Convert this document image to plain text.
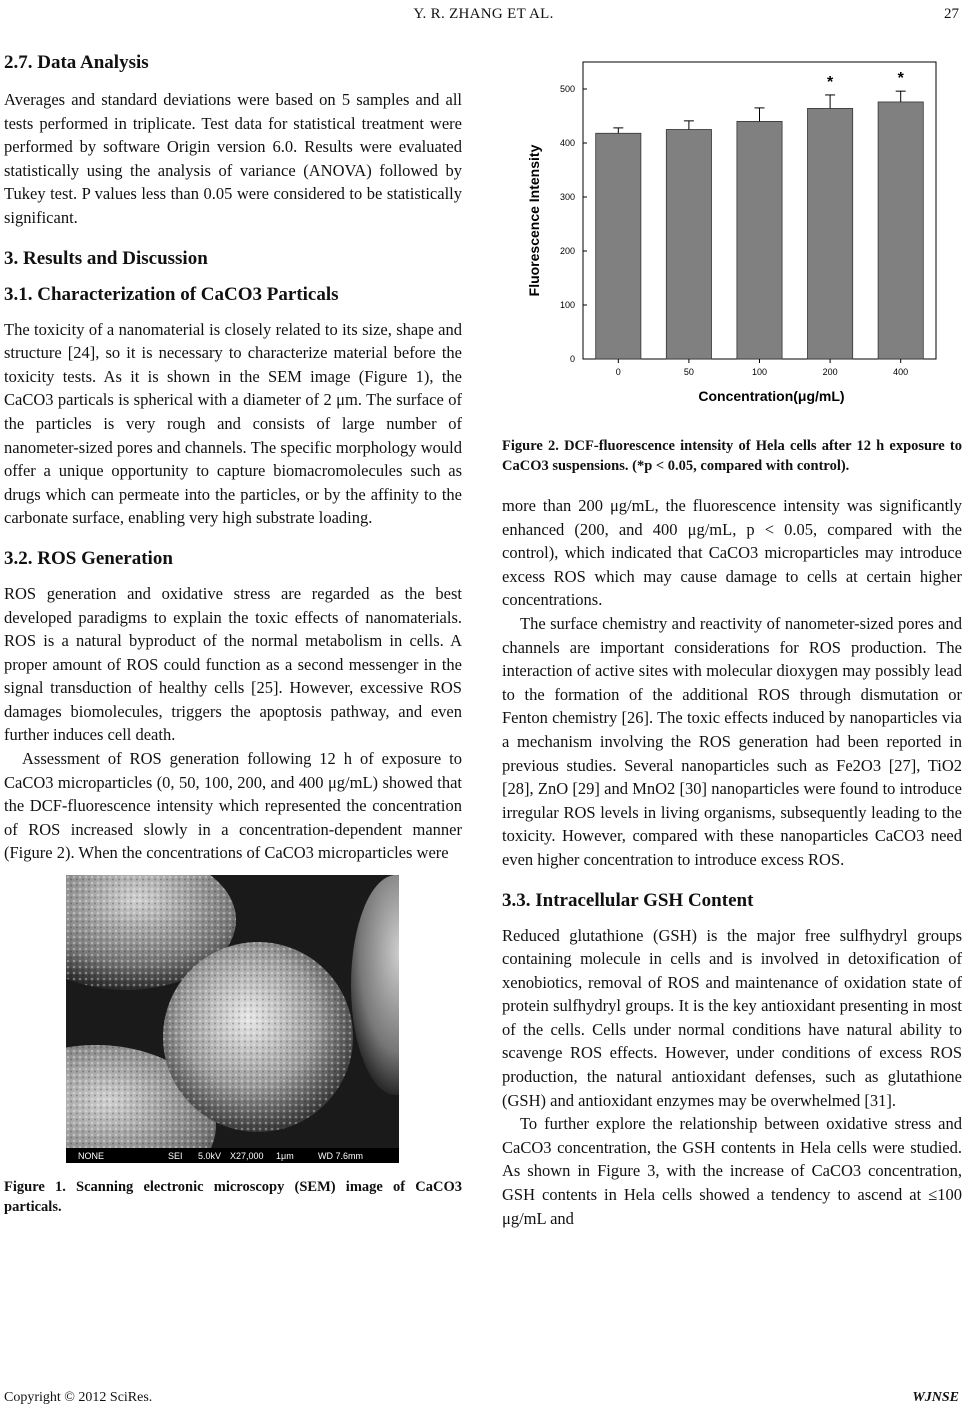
Y. R. ZHANG ET AL.	27
2.7. Data Analysis

Averages and standard deviations were based on 5 samples and all tests performed in triplicate. Test data for statistical treatment were performed by software Origin version 6.0. Results were evaluated statistically using the analysis of variance (ANOVA) followed by Tukey test. P values less than 0.05 were considered to be statistically significant.

3. Results and Discussion
3.1. Characterization of CaCO3 Particals

The toxicity of a nanomaterial is closely related to its size, shape and structure [24], so it is necessary to characterize material before the toxicity tests. As it is shown in the SEM image (Figure 1), the CaCO3 particals is spherical with a diameter of 2 μm. The surface of the particles is very rough and consists of large number of nanometer-sized pores and channels. The specific morphology would offer a unique opportunity to capture biomacromolecules such as drugs which can permeate into the particles, or by the affinity to the carbonate surface, enabling very high substrate loading.

3.2. ROS Generation

ROS generation and oxidative stress are regarded as the best developed paradigms to explain the toxic effects of nanomaterials. ROS is a natural byproduct of the normal metabolism in cells. A proper amount of ROS could function as a second messenger in the signal transduction of healthy cells [25]. However, excessive ROS damages biomolecules, triggers the apoptosis pathway, and even further induces cell death.

Assessment of ROS generation following 12 h of exposure to CaCO3 microparticles (0, 50, 100, 200, and 400 μg/mL) showed that the DCF-fluorescence intensity which represented the concentration of ROS increased slowly in a concentration-dependent manner (Figure 2). When the concentrations of CaCO3 microparticles were

NONE	SEI	5.0kV X27,000	1μm	WD 7.6mm
Figure 1. Scanning electronic microscopy (SEM) image of CaCO3 particals.
0
100
200
300
400
500
0	50	100	200
*
400
*
Concentration(μg/mL)
Fluorescence Intensity
Figure 2. DCF-fluorescence intensity of Hela cells after 12 h exposure to CaCO3 suspensions. (*p < 0.05, compared with control).

more than 200 μg/mL, the fluorescence intensity was significantly enhanced (200, and 400 μg/mL, p < 0.05, compared with the control), which indicated that CaCO3 microparticles may introduce excess ROS which may cause damage to cells at certain higher concentrations.

The surface chemistry and reactivity of nanometer-sized pores and channels are important considerations for ROS production. The interaction of active sites with molecular dioxygen may possibly lead to the formation of the additional ROS through dismutation or Fenton chemistry [26]. The toxic effects induced by nanoparticles via a mechanism involving the ROS generation had been reported in previous studies. Several nanoparticles such as Fe2O3 [27], TiO2 [28], ZnO [29] and MnO2 [30] nanoparticles were found to introduce irregular ROS levels in living organisms, subsequently leading to the toxicity. However, compared with these nanoparticles CaCO3 need even higher concentration to introduce excess ROS.

3.3. Intracellular GSH Content

Reduced glutathione (GSH) is the major free sulfhydryl groups containing molecule in cells and is involved in detoxification of xenobiotics, removal of ROS and maintenance of oxidation state of protein sulfhydryl groups. It is the key antioxidant presenting in most of the cells. Cells under normal conditions have natural ability to scavenge ROS effects. However, under conditions of excess ROS production, the natural antioxidant defenses, such as glutathione (GSH) and antioxidant enzymes may be overwhelmed [31].

To further explore the relationship between oxidative stress and CaCO3 concentration, the GSH contents in Hela cells were studied. As shown in Figure 3, with the increase of CaCO3 concentration, GSH contents in Hela cells showed a tendency to ascend at ≤100 μg/mL and

Copyright © 2012 SciRes.	WJNSE
